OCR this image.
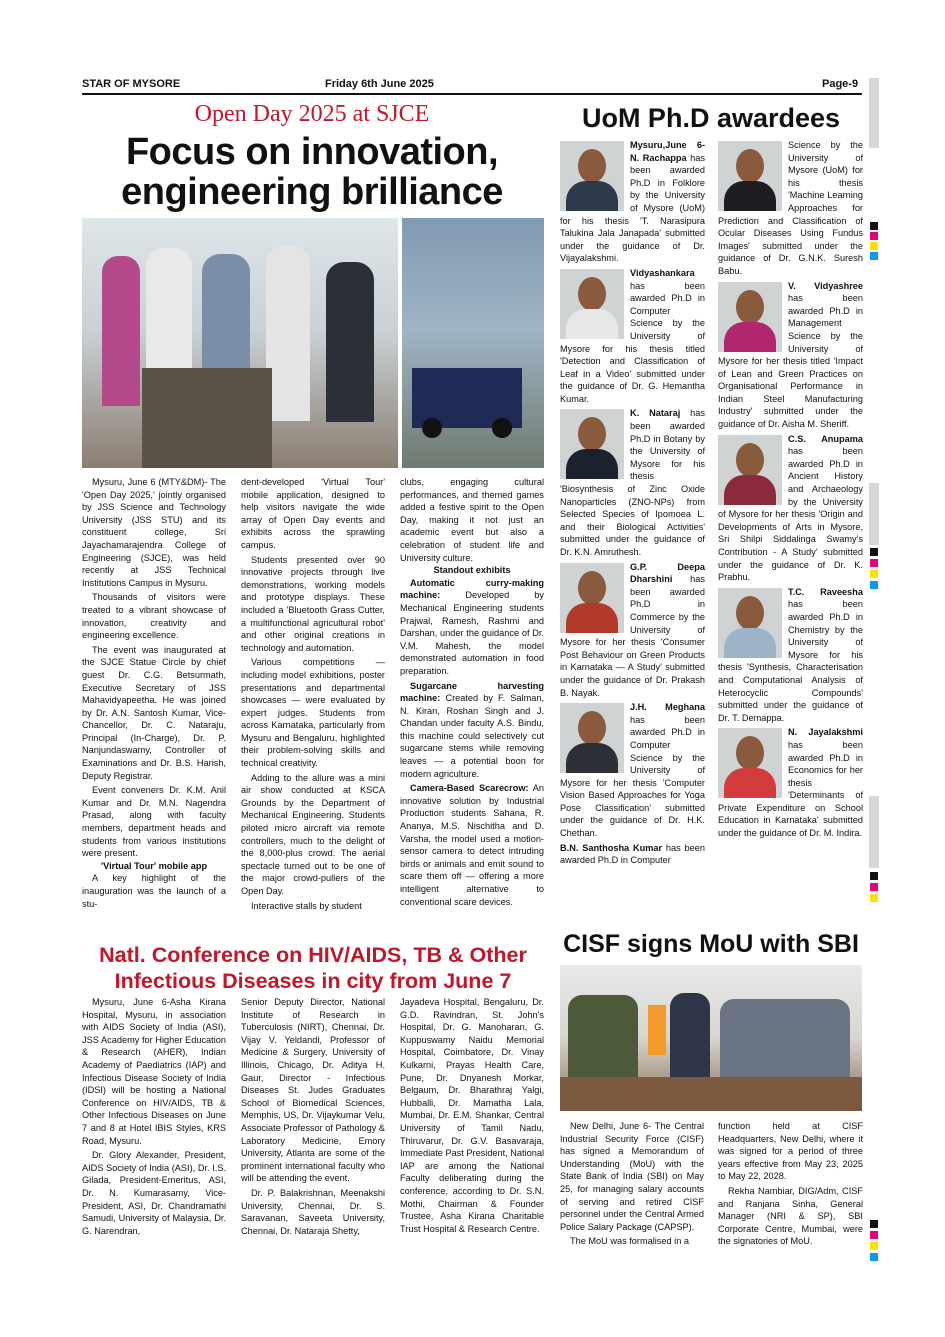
STAR OF MYSORE	Friday 6th June 2025	Page-9
Open Day 2025 at SJCE
Focus on innovation,
engineering brilliance

Mysuru, June 6 (MTY&DM)- The 'Open Day 2025,' jointly organised by JSS Science and Technology University (JSS STU) and its constituent college, Sri Jayachamarajendra College of Engineering (SJCE), was held recently at JSS Technical Institutions Campus in Mysuru.

Thousands of visitors were treated to a vibrant showcase of innovation, creativity and engineering excellence.

The event was inaugurated at the SJCE Statue Circle by chief guest Dr. C.G. Betsurmath, Executive Secretary of JSS Mahavidyapeetha. He was joined by Dr. A.N. Santosh Kumar, Vice-Chancellor, Dr. C. Nataraju, Principal (In-Charge), Dr. P. Nanjundaswamy, Controller of Examinations and Dr. B.S. Harish, Deputy Registrar.

Event conveners Dr. K.M. Anil Kumar and Dr. M.N. Nagendra Prasad, along with faculty members, department heads and students from various institutions were present.

'Virtual Tour' mobile app

A key highlight of the inauguration was the launch of a stu-

dent-developed 'Virtual Tour' mobile application, designed to help visitors navigate the wide array of Open Day events and exhibits across the sprawling campus.

Students presented over 90 innovative projects through live demonstrations, working models and prototype displays. These included a 'Bluetooth Grass Cutter, a multifunctional agricultural robot' and other original creations in technology and automation.

Various competitions — including model exhibitions, poster presentations and departmental showcases — were evaluated by expert judges. Students from across Karnataka, particularly from Mysuru and Bengaluru, highlighted their problem-solving skills and technical creativity.

Adding to the allure was a mini air show conducted at KSCA Grounds by the Department of Mechanical Engineering. Students piloted micro aircraft via remote controllers, much to the delight of the 8,000-plus crowd. The aerial spectacle turned out to be one of the major crowd-pullers of the Open Day.

Interactive stalls by student

clubs, engaging cultural performances, and themed games added a festive spirit to the Open Day, making it not just an academic event but also a celebration of student life and University culture.

Standout exhibits

Automatic curry-making machine: Developed by Mechanical Engineering students Prajwal, Ramesh, Rashmi and Darshan, under the guidance of Dr. V.M. Mahesh, the model demonstrated automation in food preparation.

Sugarcane harvesting machine: Created by F. Salman, N. Kiran, Roshan Singh and J. Chandan under faculty A.S. Bindu, this machine could selectively cut sugarcane stems while removing leaves — a potential boon for modern agriculture.

Camera-Based Scarecrow: An innovative solution by Industrial Production students Sahana, R. Ananya, M.S. Nischitha and D. Varsha, the model used a motion-sensor camera to detect intruding birds or animals and emit sound to scare them off — offering a more intelligent alternative to conventional scare devices.

Natl. Conference on HIV/AIDS, TB & Other
Infectious Diseases in city from June 7

Mysuru, June 6-Asha Kirana Hospital, Mysuru, in association with AIDS Society of India (ASI), JSS Academy for Higher Education & Research (AHER), Indian Academy of Paediatrics (IAP) and Infectious Disease Society of India (IDSI) will be hosting a National Conference on HIV/AIDS, TB & Other Infectious Diseases on June 7 and 8 at Hotel IBIS Styles, KRS Road, Mysuru.

Dr. Glory Alexander, President, AIDS Society of India (ASI), Dr. I.S. Gilada, President-Emeritus, ASI, Dr. N. Kumarasamy, Vice-President, ASI, Dr. Chandramathi Samudi, University of Malaysia, Dr. G. Narendran,

Senior Deputy Director, National Institute of Research in Tuberculosis (NIRT), Chennai, Dr. Vijay V. Yeldandi, Professor of Medicine & Surgery, University of Illinois, Chicago, Dr. Aditya H. Gaur, Director - Infectious Diseases St. Judes Graduates School of Biomedical Sciences, Memphis, US, Dr. Vijaykumar Velu, Associate Professor of Pathology & Laboratory Medicine, Emory University, Atlanta are some of the prominent international faculty who will be attending the event.

Dr. P. Balakrishnan, Meenakshi University, Chennai, Dr. S. Saravanan, Saveeta University, Chennai, Dr. Nataraja Shetty,

Jayadeva Hospital, Bengaluru, Dr. G.D. Ravindran, St. John's Hospital, Dr. G. Manoharan, G. Kuppuswamy Naidu Memorial Hospital, Coimbatore, Dr. Vinay Kulkarni, Prayas Health Care, Pune, Dr. Dnyanesh Morkar, Belgaum, Dr. Bharathraj Yalgi, Hubballi, Dr. Mamatha Lala, Mumbai, Dr. E.M. Shankar, Central University of Tamil Nadu, Thiruvarur, Dr. G.V. Basavaraja, Immediate Past President, National IAP are among the National Faculty deliberating during the conference, according to Dr. S.N. Mothi, Chairman & Founder Trustee, Asha Kirana Charitable Trust Hospital & Research Centre.

UoM Ph.D awardees

Mysuru,June 6- N. Rachappa has been awarded Ph.D in Folklore by the University of Mysore (UoM) for his thesis 'T. Narasipura Talukina Jala Janapada' submitted under the guidance of Dr. Vijayalakshmi.

Vidyashankara has been awarded Ph.D in Computer Science by the University of Mysore for his thesis titled 'Detection and Classification of Leaf in a Video' submitted under the guidance of Dr. G. Hemantha Kumar.

K. Nataraj has been awarded Ph.D in Botany by the University of Mysore for his thesis 'Biosynthesis of Zinc Oxide Nanoparticles (ZNO-NPs) from Selected Species of Ipomoea L. and their Biological Activities' submitted under the guidance of Dr. K.N. Amruthesh.

G.P. Deepa Dharshini has been awarded Ph.D in Commerce by the University of Mysore for her thesis 'Consumer Post Behaviour on Green Products in Karnataka — A Study' submitted under the guidance of Dr. Prakash B. Nayak.

J.H. Meghana has been awarded Ph.D in Computer Science by the University of Mysore for her thesis 'Computer Vision Based Approaches for Yoga Pose Classification' submitted under the guidance of Dr. H.K. Chethan.

B.N. Santhosha Kumar has been awarded Ph.D in Computer

Science by the University of Mysore (UoM) for his thesis 'Machine Learning Approaches for Prediction and Classification of Ocular Diseases Using Fundus Images' submitted under the guidance of Dr. G.N.K. Suresh Babu.

V. Vidyashree has been awarded Ph.D in Management Science by the University of Mysore for her thesis titled 'Impact of Lean and Green Practices on Organisational Performance in Indian Steel Manufacturing Industry' submitted under the guidance of Dr. Aisha M. Sheriff.

C.S. Anupama has been awarded Ph.D in Ancient History and Archaeology by the University of Mysore for her thesis 'Origin and Developments of Arts in Mysore, Sri Shilpi Siddalinga Swamy's Contribution - A Study' submitted under the guidance of Dr. K. Prabhu.

T.C. Raveesha has been awarded Ph.D in Chemistry by the University of Mysore for his thesis 'Synthesis, Characterisation and Computational Analysis of Heterocyclic Compounds' submitted under the guidance of Dr. T. Demappa.

N. Jayalakshmi has been awarded Ph.D in Economics for her thesis 'Determinants of Private Expenditure on School Education in Karnataka' submitted under the guidance of Dr. M. Indira.

CISF signs MoU with SBI

New Delhi, June 6- The Central Industrial Security Force (CISF) has signed a Memorandum of Understanding (MoU) with the State Bank of India (SBI) on May 25, for managing salary accounts of serving and retired CISF personnel under the Central Armed Police Salary Package (CAPSP).

The MoU was formalised in a

function held at CISF Headquarters, New Delhi, where it was signed for a period of three years effective from May 23, 2025 to May 22, 2028.

Rekha Nambiar, DIG/Adm, CISF and Ranjana Sinha, General Manager (NRI & SP), SBI Corporate Centre, Mumbai, were the signatories of MoU.
